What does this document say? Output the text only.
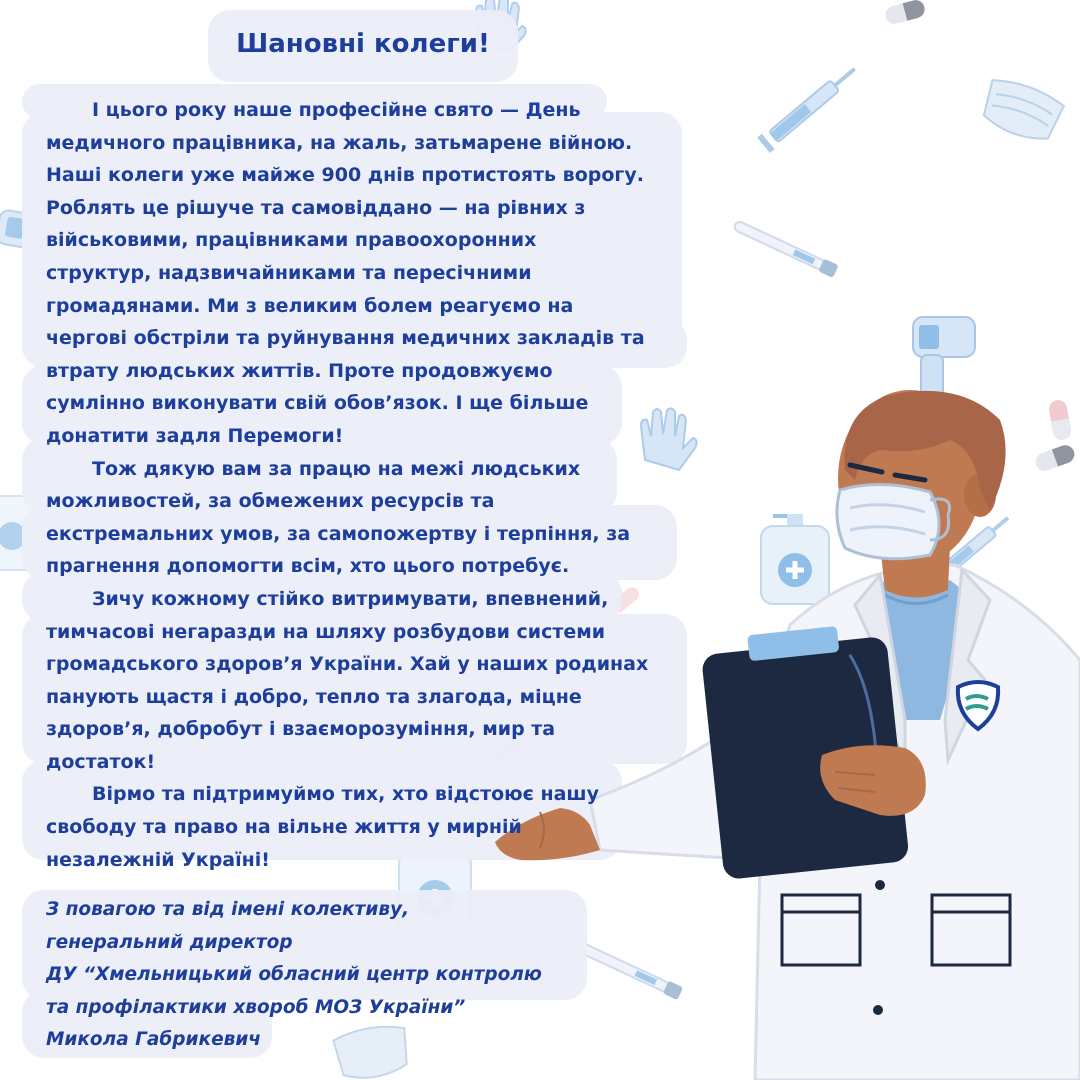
Шановні колеги!
І цього року наше професійне свято — День
медичного працівника, на жаль, затьмарене війною.
Наші колеги уже майже 900 днів протистоять ворогу.
Роблять це рішуче та самовіддано — на рівних з
військовими, працівниками правоохоронних
структур, надзвичайниками та пересічними
громадянами. Ми з великим болем реагуємо на
чергові обстріли та руйнування медичних закладів та
втрату людських життів. Проте продовжуємо
сумлінно виконувати свій обов’язок. І ще більше
донатити задля Перемоги!
Тож дякую вам за працю на межі людських
можливостей, за обмежених ресурсів та
екстремальних умов, за самопожертву і терпіння, за
прагнення допомогти всім, хто цього потребує.
Зичу кожному стійко витримувати, впевнений,
тимчасові негаразди на шляху розбудови системи
громадського здоров’я України. Хай у наших родинах
панують щастя і добро, тепло та злагода, міцне
здоров’я, добробут і взаєморозуміння, мир та
достаток!
Вірмо та підтримуймо тих, хто відстоює нашу
свободу та право на вільне життя у мирній
незалежній Україні!
З повагою та від імені колективу,
генеральний директор
ДУ “Хмельницький обласний центр контролю
та профілактики хвороб МОЗ України”
Микола Габрикевич
